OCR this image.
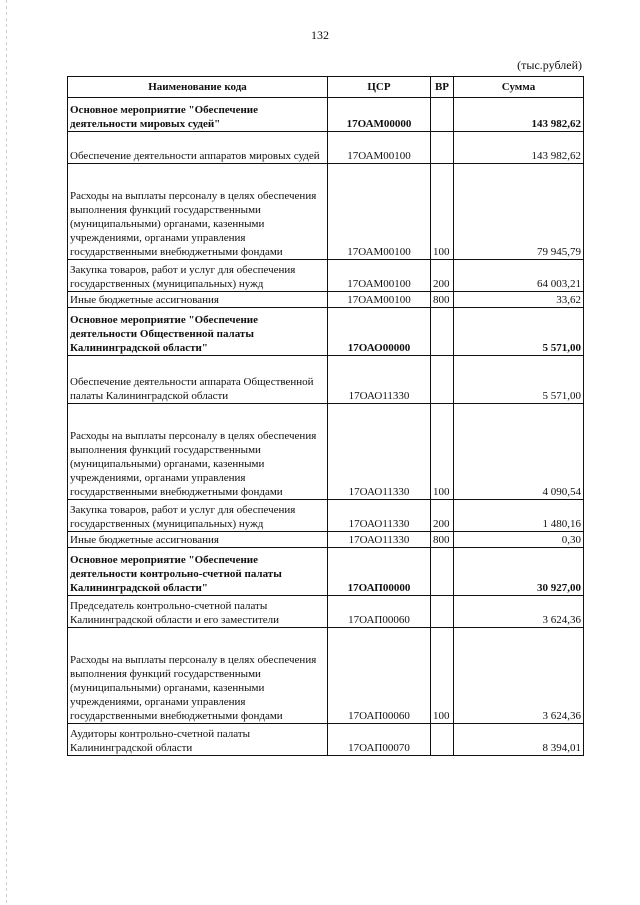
132
(тыс.рублей)
Наименование кода	ЦСР	ВР	Сумма
Основное мероприятие "Обеспечение деятельности мировых судей"	17ОАМ00000		143 982,62
Обеспечение деятельности аппаратов мировых судей	17ОАМ00100		143 982,62
Расходы на выплаты персоналу в целях обеспечения выполнения функций государственными (муниципальными) органами, казенными учреждениями, органами управления государственными внебюджетными фондами	17ОАМ00100	100	79 945,79
Закупка товаров, работ и услуг для обеспечения государственных (муниципальных) нужд	17ОАМ00100	200	64 003,21
Иные бюджетные ассигнования	17ОАМ00100	800	33,62
Основное мероприятие "Обеспечение деятельности Общественной палаты Калининградской области"	17ОАО00000		5 571,00
Обеспечение деятельности аппарата Общественной палаты Калининградской области	17ОАО11330		5 571,00
Расходы на выплаты персоналу в целях обеспечения выполнения функций государственными (муниципальными) органами, казенными учреждениями, органами управления государственными внебюджетными фондами	17ОАО11330	100	4 090,54
Закупка товаров, работ и услуг для обеспечения государственных (муниципальных) нужд	17ОАО11330	200	1 480,16
Иные бюджетные ассигнования	17ОАО11330	800	0,30
Основное мероприятие "Обеспечение деятельности контрольно-счетной палаты Калининградской области"	17ОАП00000		30 927,00
Председатель контрольно-счетной палаты Калининградской области и его заместители	17ОАП00060		3 624,36
Расходы на выплаты персоналу в целях обеспечения выполнения функций государственными (муниципальными) органами, казенными учреждениями, органами управления государственными внебюджетными фондами	17ОАП00060	100	3 624,36
Аудиторы контрольно-счетной палаты Калининградской области	17ОАП00070		8 394,01
